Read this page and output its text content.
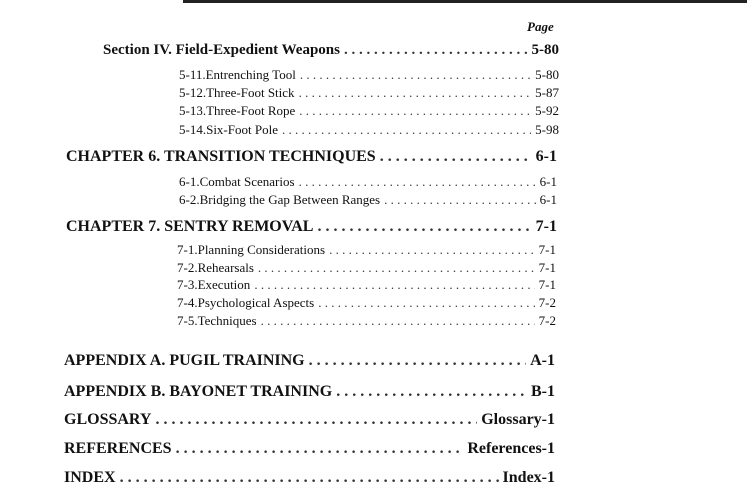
Page
Section IV. Field-Expedient Weapons . . .	5-80
5-11. Entrenching Tool . . .	5-80
5-12. Three-Foot Stick . . .	5-87
5-13. Three-Foot Rope . . .	5-92
5-14. Six-Foot Pole . . .	5-98
CHAPTER 6. TRANSITION TECHNIQUES . . .	6-1
6-1. Combat Scenarios . . .	6-1
6-2. Bridging the Gap Between Ranges . . .	6-1
CHAPTER 7. SENTRY REMOVAL . . .	7-1
7-1. Planning Considerations . . .	7-1
7-2. Rehearsals . . .	7-1
7-3. Execution . . .	7-1
7-4. Psychological Aspects . . .	7-2
7-5. Techniques . . .	7-2
APPENDIX A. PUGIL TRAINING . . .	A-1
APPENDIX B. BAYONET TRAINING . . .	B-1
GLOSSARY . . .	Glossary-1
REFERENCES . . .	References-1
INDEX . . .	Index-1
